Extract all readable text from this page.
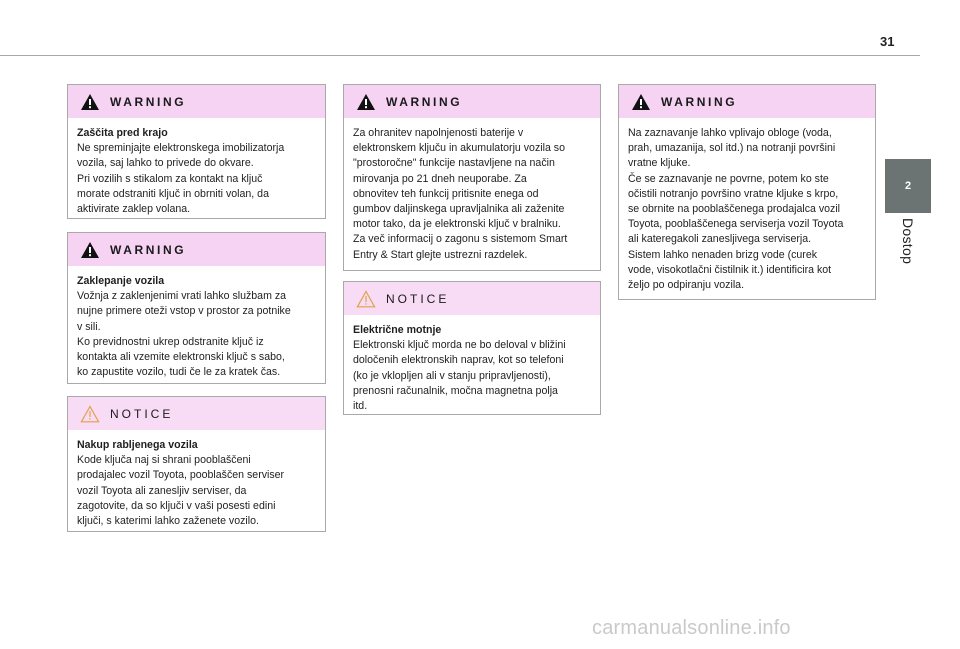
31
2
Dostop
WARNING
Zaščita pred krajo
Ne spreminjajte elektronskega imobilizatorja
vozila, saj lahko to privede do okvare.
Pri vozilih s stikalom za kontakt na ključ
morate odstraniti ključ in obrniti volan, da
aktivirate zaklep volana.
WARNING
Zaklepanje vozila
Vožnja z zaklenjenimi vrati lahko službam za
nujne primere oteži vstop v prostor za potnike
v sili.
Ko previdnostni ukrep odstranite ključ iz
kontakta ali vzemite elektronski ključ s sabo,
ko zapustite vozilo, tudi če le za kratek čas.
NOTICE
Nakup rabljenega vozila
Kode ključa naj si shrani pooblaščeni
prodajalec vozil Toyota, pooblaščen serviser
vozil Toyota ali zanesljiv serviser, da
zagotovite, da so ključi v vaši posesti edini
ključi, s katerimi lahko zaženete vozilo.
WARNING
Za ohranitev napolnjenosti baterije v
elektronskem ključu in akumulatorju vozila so
"prostoročne" funkcije nastavljene na način
mirovanja po 21 dneh neuporabe. Za
obnovitev teh funkcij pritisnite enega od
gumbov daljinskega upravljalnika ali zaženite
motor tako, da je elektronski ključ v bralniku.
Za več informacij o zagonu s sistemom Smart
Entry & Start glejte ustrezni razdelek.
NOTICE
Električne motnje
Elektronski ključ morda ne bo deloval v bližini
določenih elektronskih naprav, kot so telefoni
(ko je vklopljen ali v stanju pripravljenosti),
prenosni računalnik, močna magnetna polja
itd.
WARNING
Na zaznavanje lahko vplivajo obloge (voda,
prah, umazanija, sol itd.) na notranji površini
vratne kljuke.
Če se zaznavanje ne povrne, potem ko ste
očistili notranjo površino vratne kljuke s krpo,
se obrnite na pooblaščenega prodajalca vozil
Toyota, pooblaščenega serviserja vozil Toyota
ali kateregakoli zanesljivega serviserja.
Sistem lahko nenaden brizg vode (curek
vode, visokotlačni čistilnik it.) identificira kot
željo po odpiranju vozila.
carmanualsonline.info
